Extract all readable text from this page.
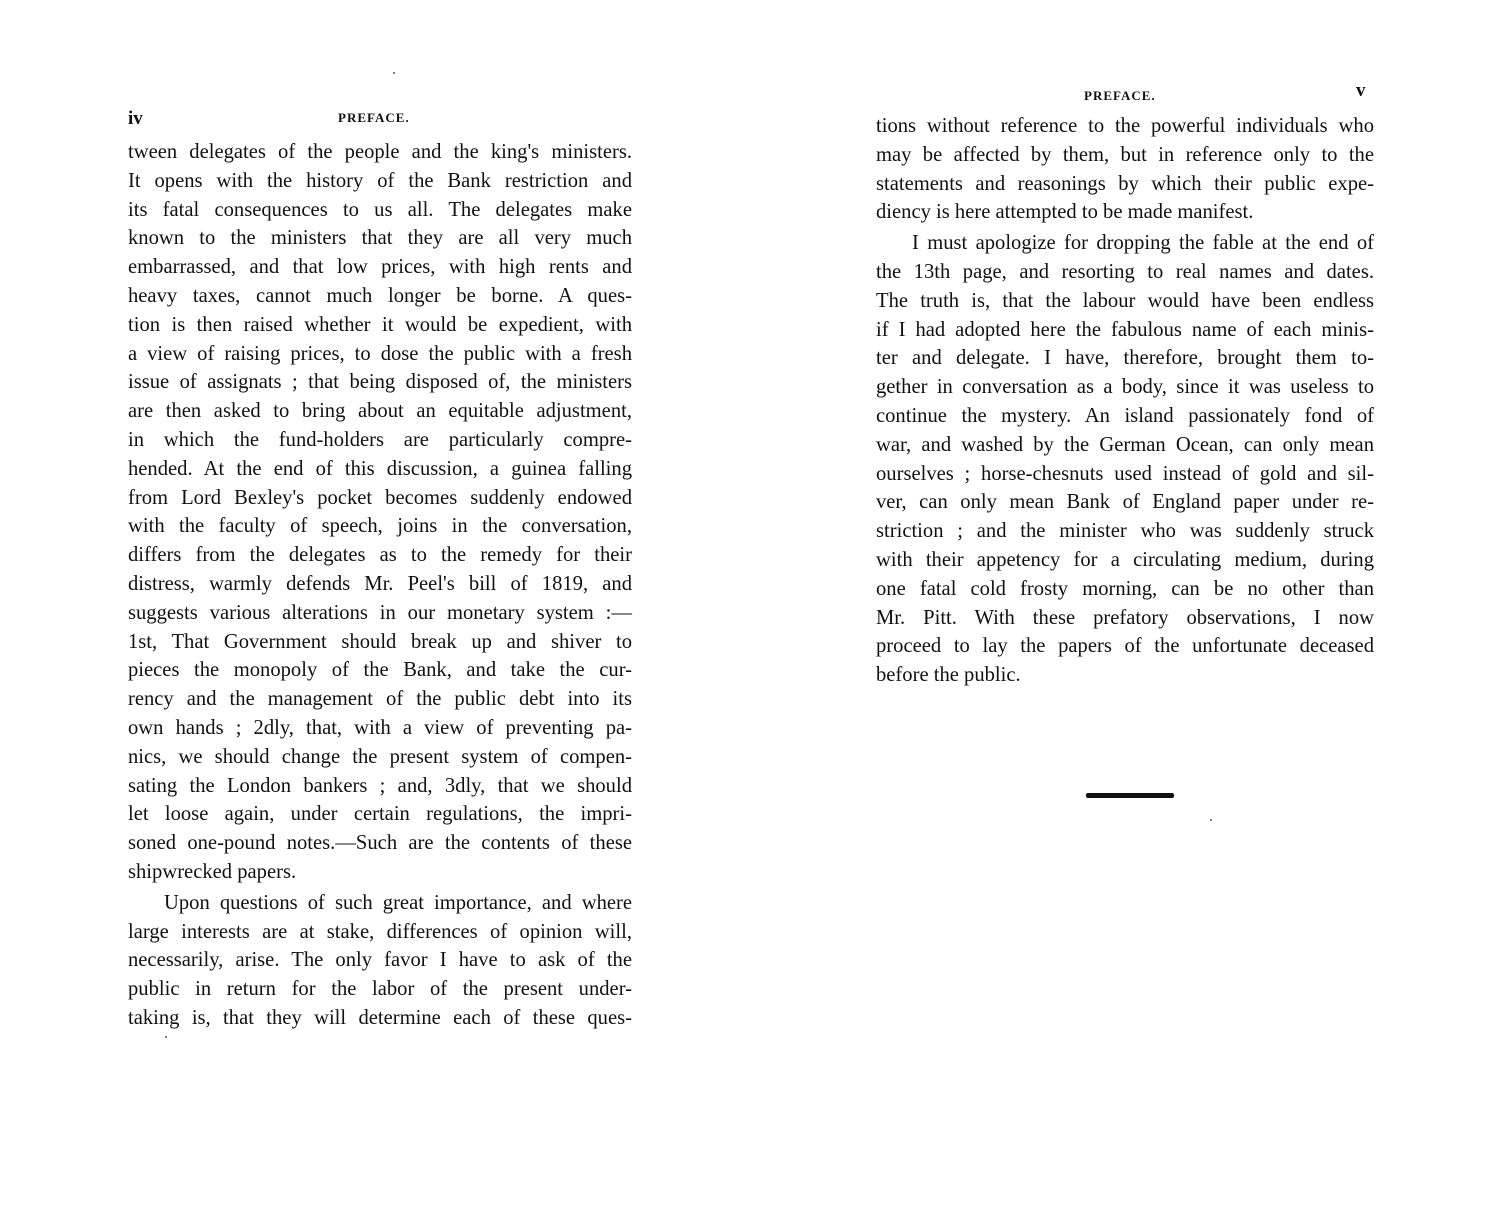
iv	PREFACE.

tween delegates of the people and the king's ministers.
It opens with the history of the Bank restriction and
its fatal consequences to us all. The delegates make
known to the ministers that they are all very much
embarrassed, and that low prices, with high rents and
heavy taxes, cannot much longer be borne. A ques-
tion is then raised whether it would be expedient, with
a view of raising prices, to dose the public with a fresh
issue of assignats ; that being disposed of, the ministers
are then asked to bring about an equitable adjustment,
in which the fund-holders are particularly compre-
hended. At the end of this discussion, a guinea falling
from Lord Bexley's pocket becomes suddenly endowed
with the faculty of speech, joins in the conversation,
differs from the delegates as to the remedy for their
distress, warmly defends Mr. Peel's bill of 1819, and
suggests various alterations in our monetary system :—
1st, That Government should break up and shiver to
pieces the monopoly of the Bank, and take the cur-
rency and the management of the public debt into its
own hands ; 2dly, that, with a view of preventing pa-
nics, we should change the present system of compen-
sating the London bankers ; and, 3dly, that we should
let loose again, under certain regulations, the impri-
soned one-pound notes.—Such are the contents of these
shipwrecked papers.

Upon questions of such great importance, and where
large interests are at stake, differences of opinion will,
necessarily, arise. The only favor I have to ask of the
public in return for the labor of the present under-
taking is, that they will determine each of these ques-

PREFACE.	v

tions without reference to the powerful individuals who
may be affected by them, but in reference only to the
statements and reasonings by which their public expe-
diency is here attempted to be made manifest.

I must apologize for dropping the fable at the end of
the 13th page, and resorting to real names and dates.
The truth is, that the labour would have been endless
if I had adopted here the fabulous name of each minis-
ter and delegate. I have, therefore, brought them to-
gether in conversation as a body, since it was useless to
continue the mystery. An island passionately fond of
war, and washed by the German Ocean, can only mean
ourselves ; horse-chesnuts used instead of gold and sil-
ver, can only mean Bank of England paper under re-
striction ; and the minister who was suddenly struck
with their appetency for a circulating medium, during
one fatal cold frosty morning, can be no other than
Mr. Pitt. With these prefatory observations, I now
proceed to lay the papers of the unfortunate deceased
before the public.
